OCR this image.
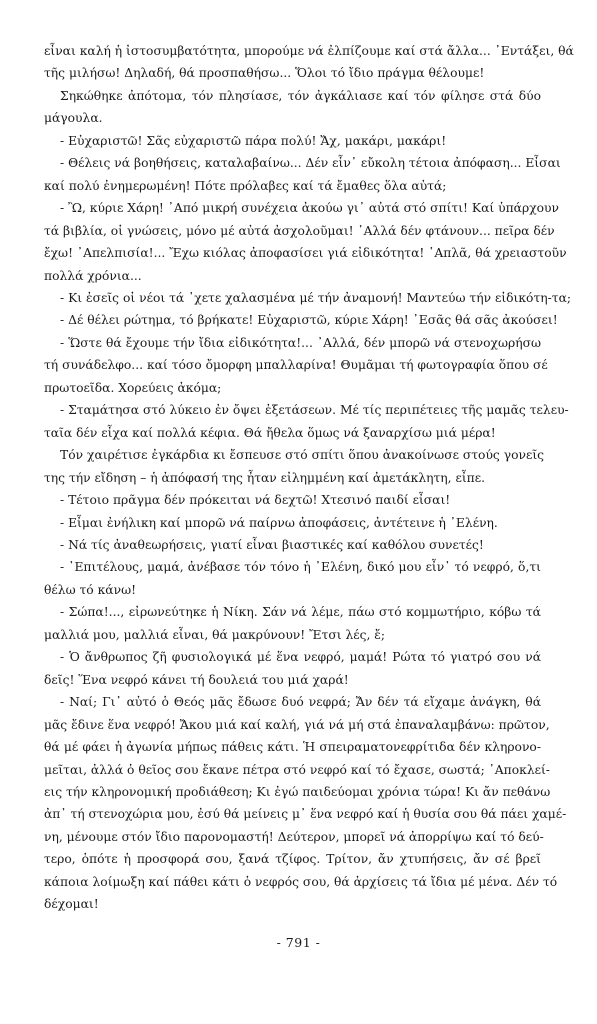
εἶναι καλή ἡ ἰστοσυμβατότητα, μπορούμε νά ἐλπίζουμε καί στά ἄλλα... ᾿Εντάξει, θά
τῆς μιλήσω! Δηλαδή, θά προσπαθήσω... Ὅλοι τό ἴδιο πράγμα θέλουμε!
Σηκώθηκε ἀπότομα, τόν πλησίασε, τόν ἀγκάλιασε καί τόν φίλησε στά δύο
μάγουλα.
- Εὐχαριστῶ! Σᾶς εὐχαριστῶ πάρα πολύ! Ἄχ, μακάρι, μακάρι!
- Θέλεις νά βοηθήσεις, καταλαβαίνω... Δέν εἶν᾿ εὔκολη τέτοια ἀπόφαση... Εἶσαι
καί πολύ ἐνημερωμένη! Πότε πρόλαβες καί τά ἔμαθες ὅλα αὐτά;
- Ὢ, κύριε Χάρη! ᾿Από μικρή συνέχεια ἀκούω γι᾿ αὐτά στό σπίτι! Καί ὑπάρχουν
τά βιβλία, οἱ γνώσεις, μόνο μέ αὐτά ἀσχολοῦμαι! ᾿Αλλά δέν φτάνουν... πεῖρα δέν
ἔχω! ᾿Απελπισία!... Ἔχω κιόλας ἀποφασίσει γιά εἰδικότητα! ῾Απλᾶ, θά χρειαστοῦν
πολλά χρόνια...
- Κι ἐσεῖς οἱ νέοι τά ᾿χετε χαλασμένα μέ τήν ἀναμονή! Μαντεύω τήν εἰδικότη-τα;
- Δέ θέλει ρώτημα, τό βρήκατε! Εὐχαριστῶ, κύριε Χάρη! ᾿Εσᾶς θά σᾶς ἀκούσει!
- Ὥστε θά ἔχουμε τήν ἴδια εἰδικότητα!... ᾿Αλλά, δέν μπορῶ νά στενοχωρήσω
τή συνάδελφο... καί τόσο ὄμορφη μπαλλαρίνα! Θυμᾶμαι τή φωτογραφία ὅπου σέ
πρωτοεῖδα. Χορεύεις ἀκόμα;
- Σταμάτησα στό λύκειο ἐν ὄψει ἐξετάσεων. Μέ τίς περιπέτειες τῆς μαμᾶς τελευ-
ταῖα δέν εἶχα καί πολλά κέφια. Θά ἤθελα ὅμως νά ξαναρχίσω μιά μέρα!
Τόν χαιρέτισε ἐγκάρδια κι ἔσπευσε στό σπίτι ὅπου ἀνακοίνωσε στούς γονεῖς
της τήν εἴδηση – ἡ ἀπόφασή της ἦταν εἰλημμένη καί ἀμετάκλητη, εἶπε.
- Τέτοιο πρᾶγμα δέν πρόκειται νά δεχτῶ! Χτεσινό παιδί εἶσαι!
- Εἶμαι ἐνήλικη καί μπορῶ νά παίρνω ἀποφάσεις, ἀντέτεινε ἡ ᾿Ελένη.
- Νά τίς ἀναθεωρήσεις, γιατί εἶναι βιαστικές καί καθόλου συνετές!
- ᾿Επιτέλους, μαμά, ἀνέβασε τόν τόνο ἡ ᾿Ελένη, δικό μου εἶν᾿ τό νεφρό, ὅ,τι
θέλω τό κάνω!
- Σώπα!..., εἰρωνεύτηκε ἡ Νίκη. Σάν νά λέμε, πάω στό κομμωτήριο, κόβω τά
μαλλιά μου, μαλλιά εἶναι, θά μακρύνουν! Ἔτσι λές, ἔ;
- Ὁ ἄνθρωπος ζῆ φυσιολογικά μέ ἕνα νεφρό, μαμά! Ρώτα τό γιατρό σου νά
δεῖς! Ἕνα νεφρό κάνει τή δουλειά του μιά χαρά!
- Ναί; Γι᾿ αὐτό ὁ Θεός μᾶς ἔδωσε δυό νεφρά; Ἄν δέν τά εἴχαμε ἀνάγκη, θά
μᾶς ἔδινε ἕνα νεφρό! Ἄκου μιά καί καλή, γιά νά μή στά ἐπαναλαμβάνω: πρῶτον,
θά μέ φάει ἡ ἀγωνία μήπως πάθεις κάτι. Ἡ σπειραματονεφρίτιδα δέν κληρονο-
μεῖται, ἀλλά ὁ θεῖος σου ἔκανε πέτρα στό νεφρό καί τό ἔχασε, σωστά; ᾿Αποκλεί-
εις τήν κληρονομική προδιάθεση; Κι ἐγώ παιδεύομαι χρόνια τώρα! Κι ἄν πεθάνω
ἀπ᾿ τή στενοχώρια μου, ἐσύ θά μείνεις μ᾿ ἕνα νεφρό καί ἡ θυσία σου θά πάει χαμέ-
νη, μένουμε στόν ἴδιο παρονομαστή! Δεύτερον, μπορεῖ νά ἀπορρίψω καί τό δεύ-
τερο, ὁπότε ἡ προσφορά σου, ξανά τζίφος. Τρίτον, ἄν χτυπήσεις, ἄν σέ βρεῖ
κάποια λοίμωξη καί πάθει κάτι ὁ νεφρός σου, θά ἀρχίσεις τά ἴδια μέ μένα. Δέν τό
δέχομαι!
- 791 -
